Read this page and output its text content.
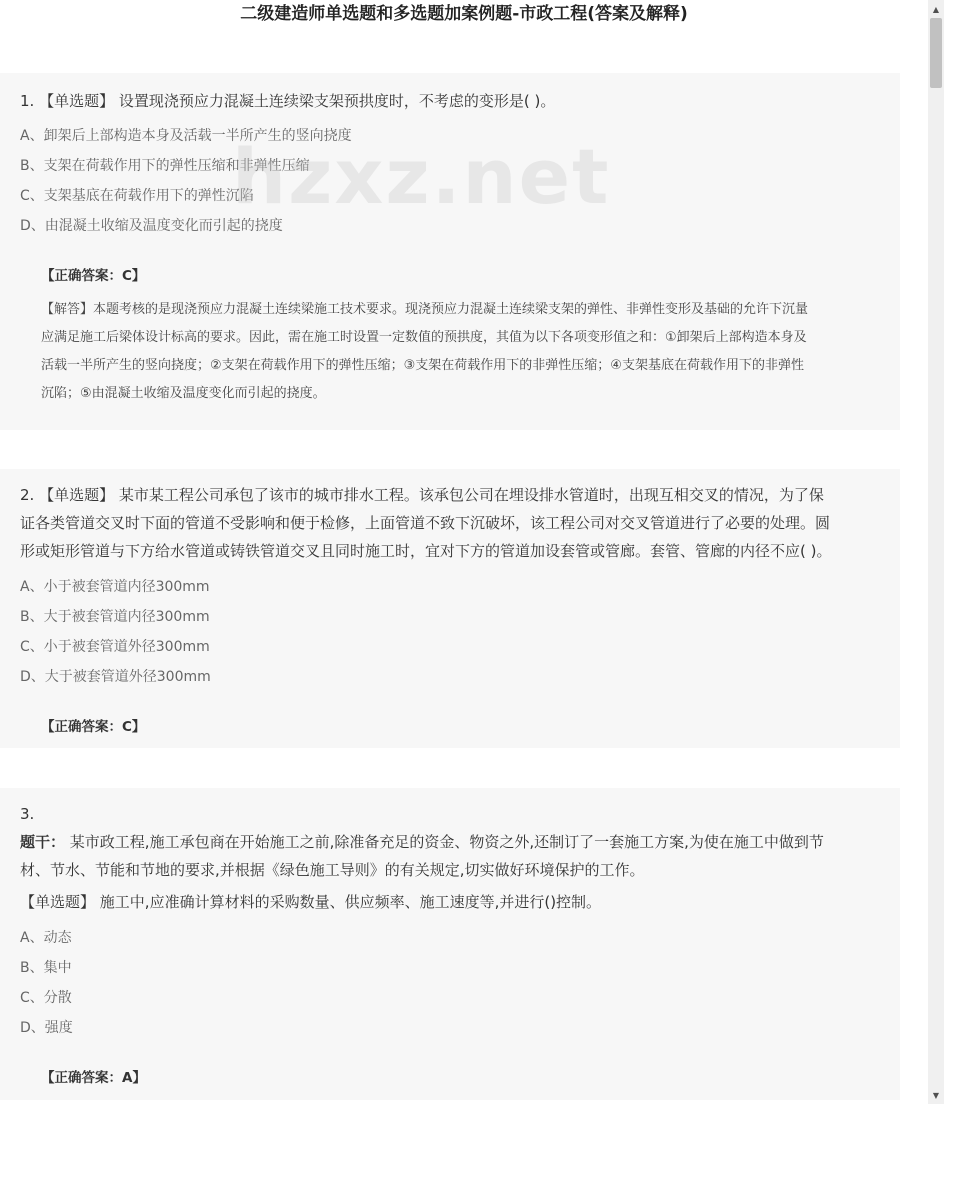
二级建造师单选题和多选题加案例题-市政工程(答案及解释)
hzxz.net
1. 【单选题】 设置现浇预应力混凝土连续梁支架预拱度时，不考虑的变形是( )。
A、卸架后上部构造本身及活载一半所产生的竖向挠度
B、支架在荷载作用下的弹性压缩和非弹性压缩
C、支架基底在荷载作用下的弹性沉陷
D、由混凝土收缩及温度变化而引起的挠度
【正确答案：C】
【解答】本题考核的是现浇预应力混凝土连续梁施工技术要求。现浇预应力混凝土连续梁支架的弹性、非弹性变形及基础的允许下沉量
应满足施工后梁体设计标高的要求。因此，需在施工时设置一定数值的预拱度，其值为以下各项变形值之和：①卸架后上部构造本身及
活载一半所产生的竖向挠度；②支架在荷载作用下的弹性压缩；③支架在荷载作用下的非弹性压缩；④支架基底在荷载作用下的非弹性
沉陷；⑤由混凝土收缩及温度变化而引起的挠度。
2. 【单选题】 某市某工程公司承包了该市的城市排水工程。该承包公司在埋设排水管道时，出现互相交叉的情况，为了保
证各类管道交叉时下面的管道不受影响和便于检修，上面管道不致下沉破坏，该工程公司对交叉管道进行了必要的处理。圆
形或矩形管道与下方给水管道或铸铁管道交叉且同时施工时，宜对下方的管道加设套管或管廊。套管、管廊的内径不应( )。
A、小于被套管道内径300mm
B、大于被套管道内径300mm
C、小于被套管道外径300mm
D、大于被套管道外径300mm
【正确答案：C】
3.
题干： 某市政工程,施工承包商在开始施工之前,除准备充足的资金、物资之外,还制订了一套施工方案,为使在施工中做到节
材、节水、节能和节地的要求,并根据《绿色施工导则》的有关规定,切实做好环境保护的工作。
【单选题】 施工中,应准确计算材料的采购数量、供应频率、施工速度等,并进行()控制。
A、动态
B、集中
C、分散
D、强度
【正确答案：A】
▲
▼
